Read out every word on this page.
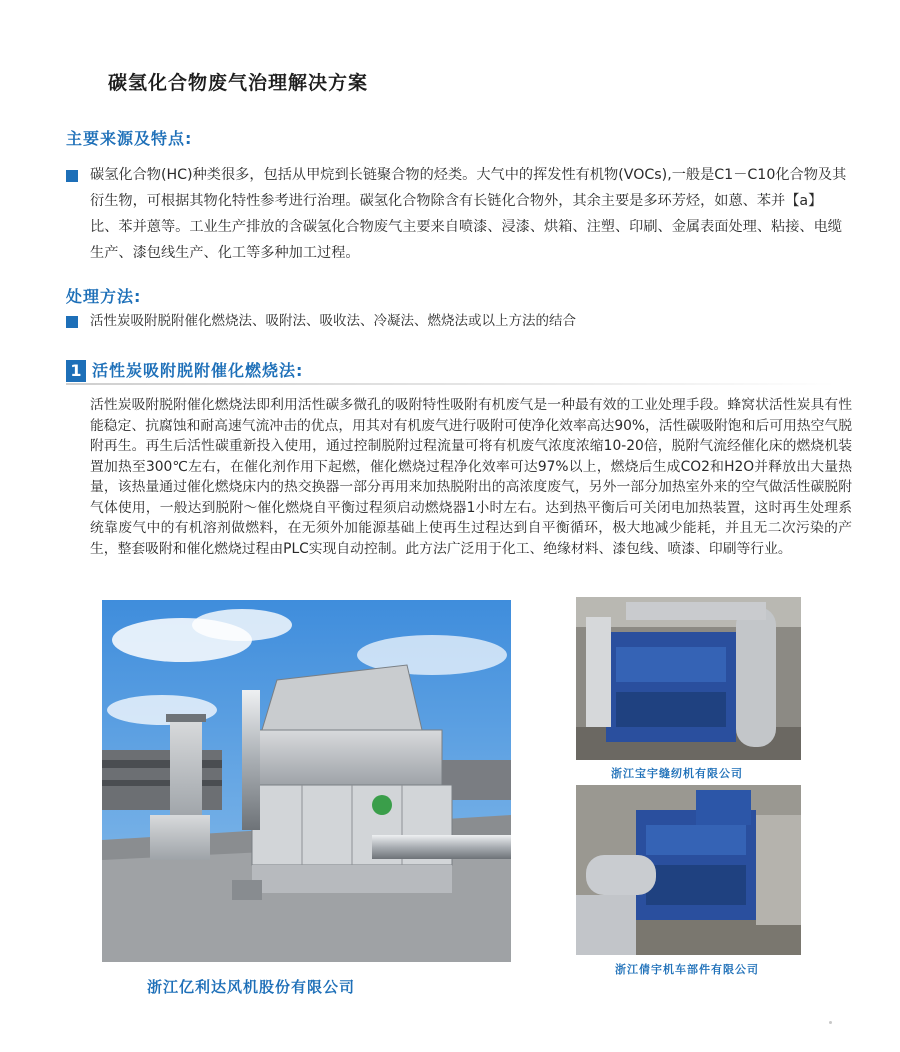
碳氢化合物废气治理解决方案
主要来源及特点:
碳氢化合物(HC)种类很多，包括从甲烷到长链聚合物的烃类。大气中的挥发性有机物(VOCs),一般是C1－C10化合物及其衍生物，可根据其物化特性参考进行治理。碳氢化合物除含有长链化合物外，其余主要是多环芳烃，如蒽、苯并【a】比、苯并蒽等。工业生产排放的含碳氢化合物废气主要来自喷漆、浸漆、烘箱、注塑、印刷、金属表面处理、粘接、电缆生产、漆包线生产、化工等多种加工过程。
处理方法:
活性炭吸附脱附催化燃烧法、吸附法、吸收法、冷凝法、燃烧法或以上方法的结合
1 活性炭吸附脱附催化燃烧法:
活性炭吸附脱附催化燃烧法即利用活性碳多微孔的吸附特性吸附有机废气是一种最有效的工业处理手段。蜂窝状活性炭具有性能稳定、抗腐蚀和耐高速气流冲击的优点，用其对有机废气进行吸附可使净化效率高达90%，活性碳吸附饱和后可用热空气脱附再生。再生后活性碳重新投入使用，通过控制脱附过程流量可将有机废气浓度浓缩10-20倍，脱附气流经催化床的燃烧机装置加热至300℃左右，在催化剂作用下起燃，催化燃烧过程净化效率可达97%以上，燃烧后生成CO2和H2O并释放出大量热量，该热量通过催化燃烧床内的热交换器一部分再用来加热脱附出的高浓度废气，另外一部分加热室外来的空气做活性碳脱附气体使用，一般达到脱附～催化燃烧自平衡过程须启动燃烧器1小时左右。达到热平衡后可关闭电加热装置，这时再生处理系统靠废气中的有机溶剂做燃料，在无须外加能源基础上使再生过程达到自平衡循环，极大地减少能耗，并且无二次污染的产生，整套吸附和催化燃烧过程由PLC实现自动控制。此方法广泛用于化工、绝缘材料、漆包线、喷漆、印刷等行业。
浙江宝宇缝纫机有限公司
浙江倩宇机车部件有限公司
浙江亿利达风机股份有限公司
